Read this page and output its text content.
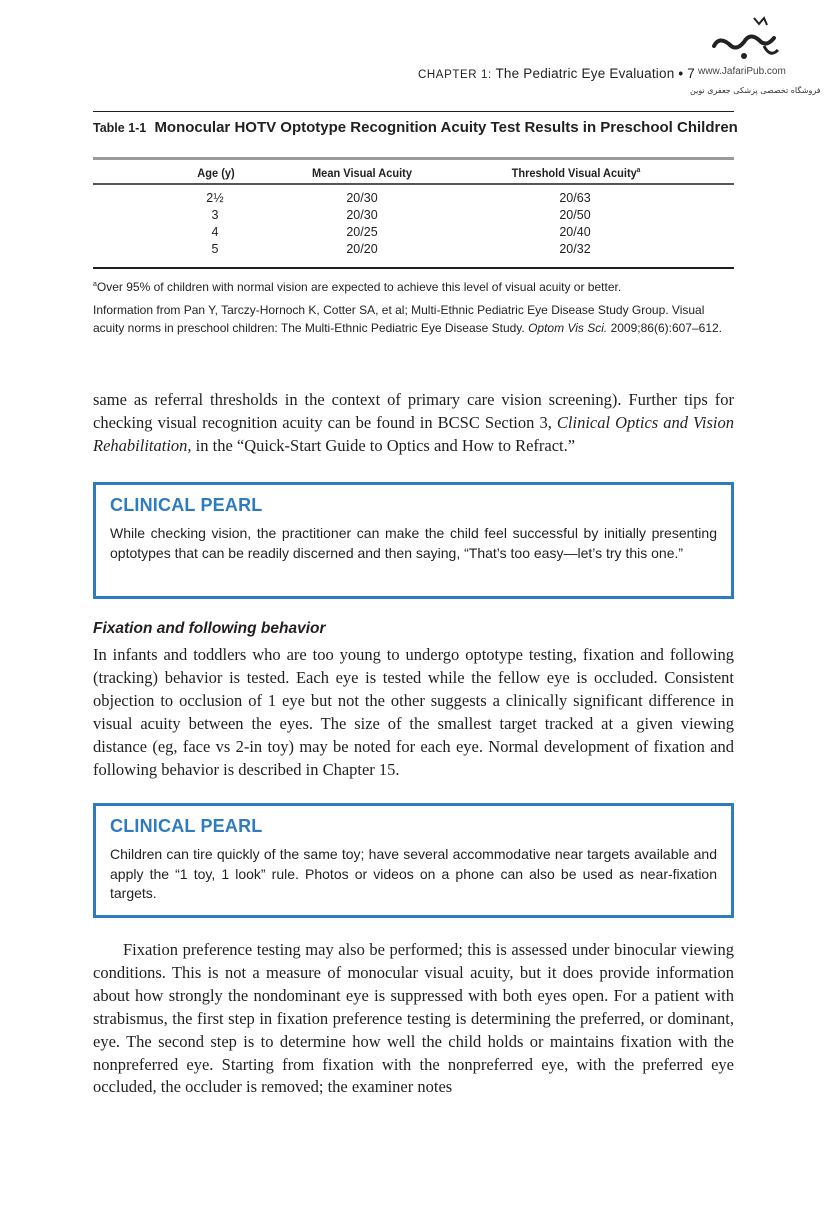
CHAPTER 1: The Pediatric Eye Evaluation • 7 www.JafariPub.com
فروشگاه تخصصی پزشکی جعفری نوین
Table 1-1 Monocular HOTV Optotype Recognition Acuity Test Results in Preschool Children
Age (y)	Mean Visual Acuity	Threshold Visual Acuity$^a$
2½	20/30	20/63
3	20/30	20/50
4	20/25	20/40
5	20/20	20/32
$^a$Over 95% of children with normal vision are expected to achieve this level of visual acuity or better.
Information from Pan Y, Tarczy-Hornoch K, Cotter SA, et al; Multi-Ethnic Pediatric Eye Disease Study Group. Visual acuity norms in preschool children: The Multi-Ethnic Pediatric Eye Disease Study. Optom Vis Sci. 2009;86(6):607–612.
same as referral thresholds in the context of primary care vision screening). Further tips for checking visual recognition acuity can be found in BCSC Section 3, Clinical Optics and Vision Rehabilitation, in the “Quick-Start Guide to Optics and How to Refract.”
CLINICAL PEARL
While checking vision, the practitioner can make the child feel successful by initially presenting optotypes that can be readily discerned and then saying, “That’s too easy—let’s try this one.”
Fixation and following behavior
In infants and toddlers who are too young to undergo optotype testing, fixation and following (tracking) behavior is tested. Each eye is tested while the fellow eye is occluded. Consistent objection to occlusion of 1 eye but not the other suggests a clinically significant difference in visual acuity between the eyes. The size of the smallest target tracked at a given viewing distance (eg, face vs 2-in toy) may be noted for each eye. Normal development of fixation and following behavior is described in Chapter 15.
CLINICAL PEARL
Children can tire quickly of the same toy; have several accommodative near targets available and apply the “1 toy, 1 look” rule. Photos or videos on a phone can also be used as near-fixation targets.
Fixation preference testing may also be performed; this is assessed under binocular viewing conditions. This is not a measure of monocular visual acuity, but it does provide information about how strongly the nondominant eye is suppressed with both eyes open. For a patient with strabismus, the first step in fixation preference testing is determining the preferred, or dominant, eye. The second step is to determine how well the child holds or maintains fixation with the nonpreferred eye. Starting from fixation with the nonpreferred eye, with the preferred eye occluded, the occluder is removed; the examiner notes
